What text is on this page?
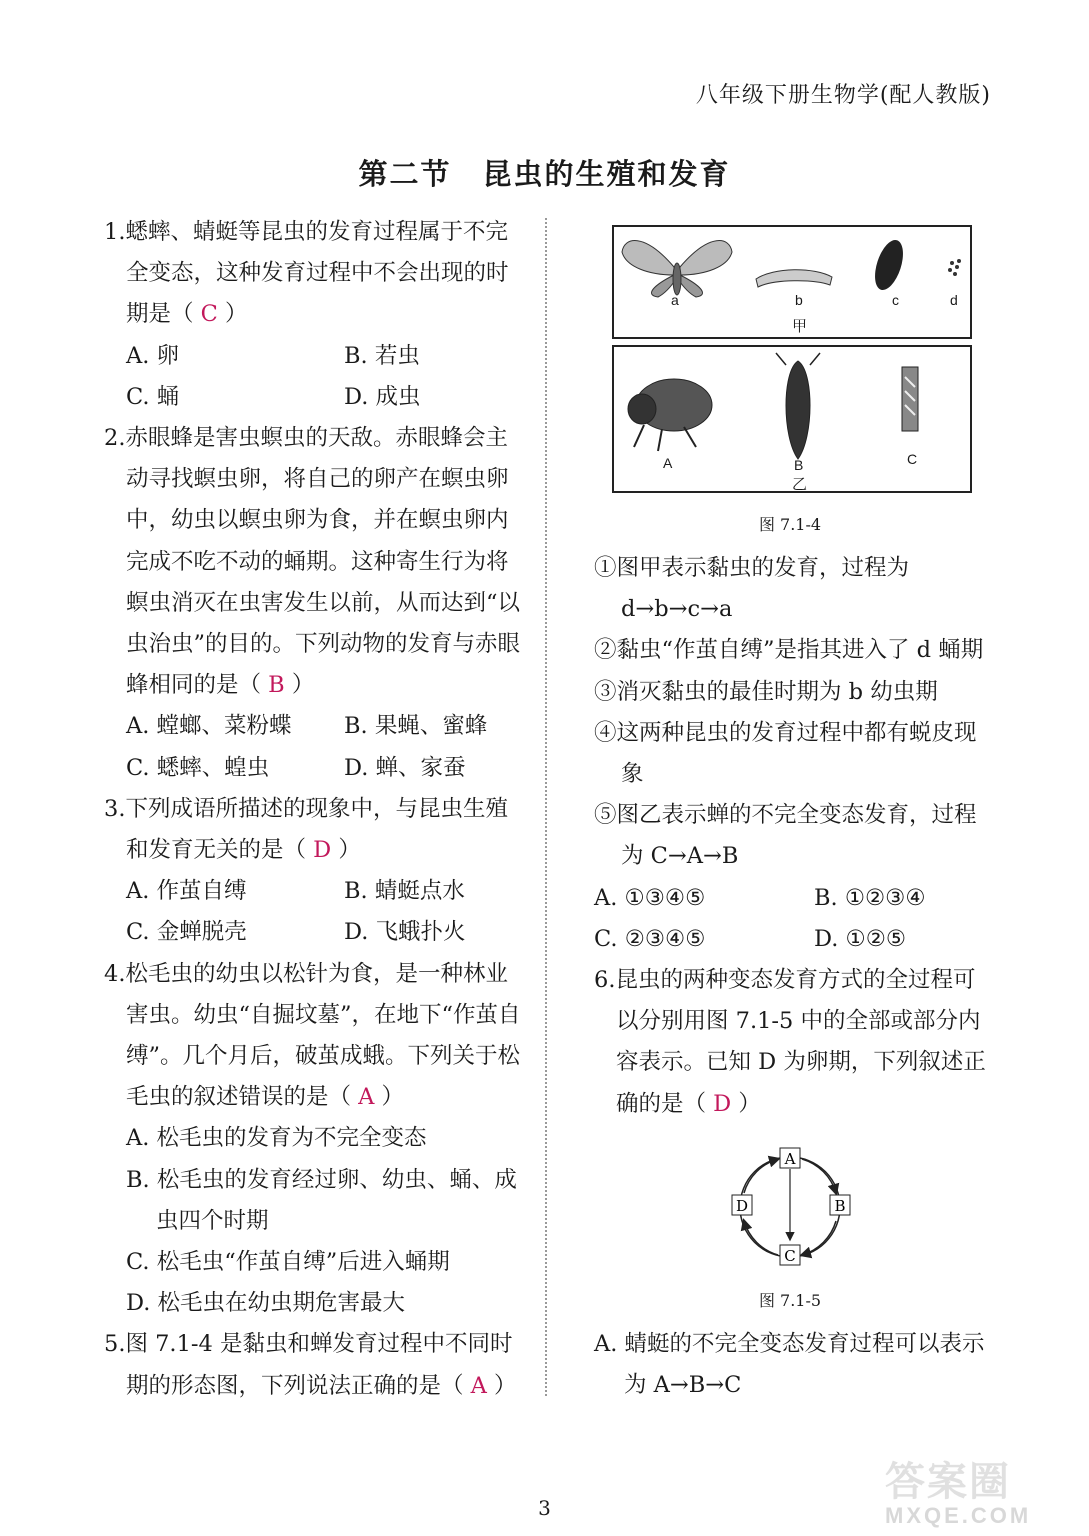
八年级下册生物学(配人教版)
第二节　昆虫的生殖和发育
1.蟋蟀、蜻蜓等昆虫的发育过程属于不完全变态，这种发育过程中不会出现的时期是（ C ）
A. 卵	B. 若虫
C. 蛹	D. 成虫
2.赤眼蜂是害虫螟虫的天敌。赤眼蜂会主动寻找螟虫卵，将自己的卵产在螟虫卵中，幼虫以螟虫卵为食，并在螟虫卵内完成不吃不动的蛹期。这种寄生行为将螟虫消灭在虫害发生以前，从而达到“以虫治虫”的目的。下列动物的发育与赤眼蜂相同的是（ B ）
A. 螳螂、菜粉蝶	B. 果蝇、蜜蜂
C. 蟋蟀、蝗虫	D. 蝉、家蚕
3.下列成语所描述的现象中，与昆虫生殖和发育无关的是（ D ）
A. 作茧自缚	B. 蜻蜓点水
C. 金蝉脱壳	D. 飞蛾扑火
4.松毛虫的幼虫以松针为食，是一种林业害虫。幼虫“自掘坟墓”，在地下“作茧自缚”。几个月后，破茧成蛾。下列关于松毛虫的叙述错误的是（ A ）
A. 松毛虫的发育为不完全变态
B. 松毛虫的发育经过卵、幼虫、蛹、成虫四个时期
C. 松毛虫“作茧自缚”后进入蛹期
D. 松毛虫在幼虫期危害最大
5.图 7.1-4 是黏虫和蝉发育过程中不同时期的形态图，下列说法正确的是（ A ）
a	b	c	d
甲
A	B	C
乙
图 7.1-4
①图甲表示黏虫的发育，过程为 d→b→c→a
②黏虫“作茧自缚”是指其进入了 d 蛹期
③消灭黏虫的最佳时期为 b 幼虫期
④这两种昆虫的发育过程中都有蜕皮现象
⑤图乙表示蝉的不完全变态发育，过程为 C→A→B
A. ①③④⑤	B. ①②③④
C. ②③④⑤	D. ①②⑤
6.昆虫的两种变态发育方式的全过程可以分别用图 7.1-5 中的全部或部分内容表示。已知 D 为卵期，下列叙述正确的是（ D ）
A
B
C
D
图 7.1-5
A. 蜻蜓的不完全变态发育过程可以表示为 A→B→C
3
答案圈
MXQE.COM
